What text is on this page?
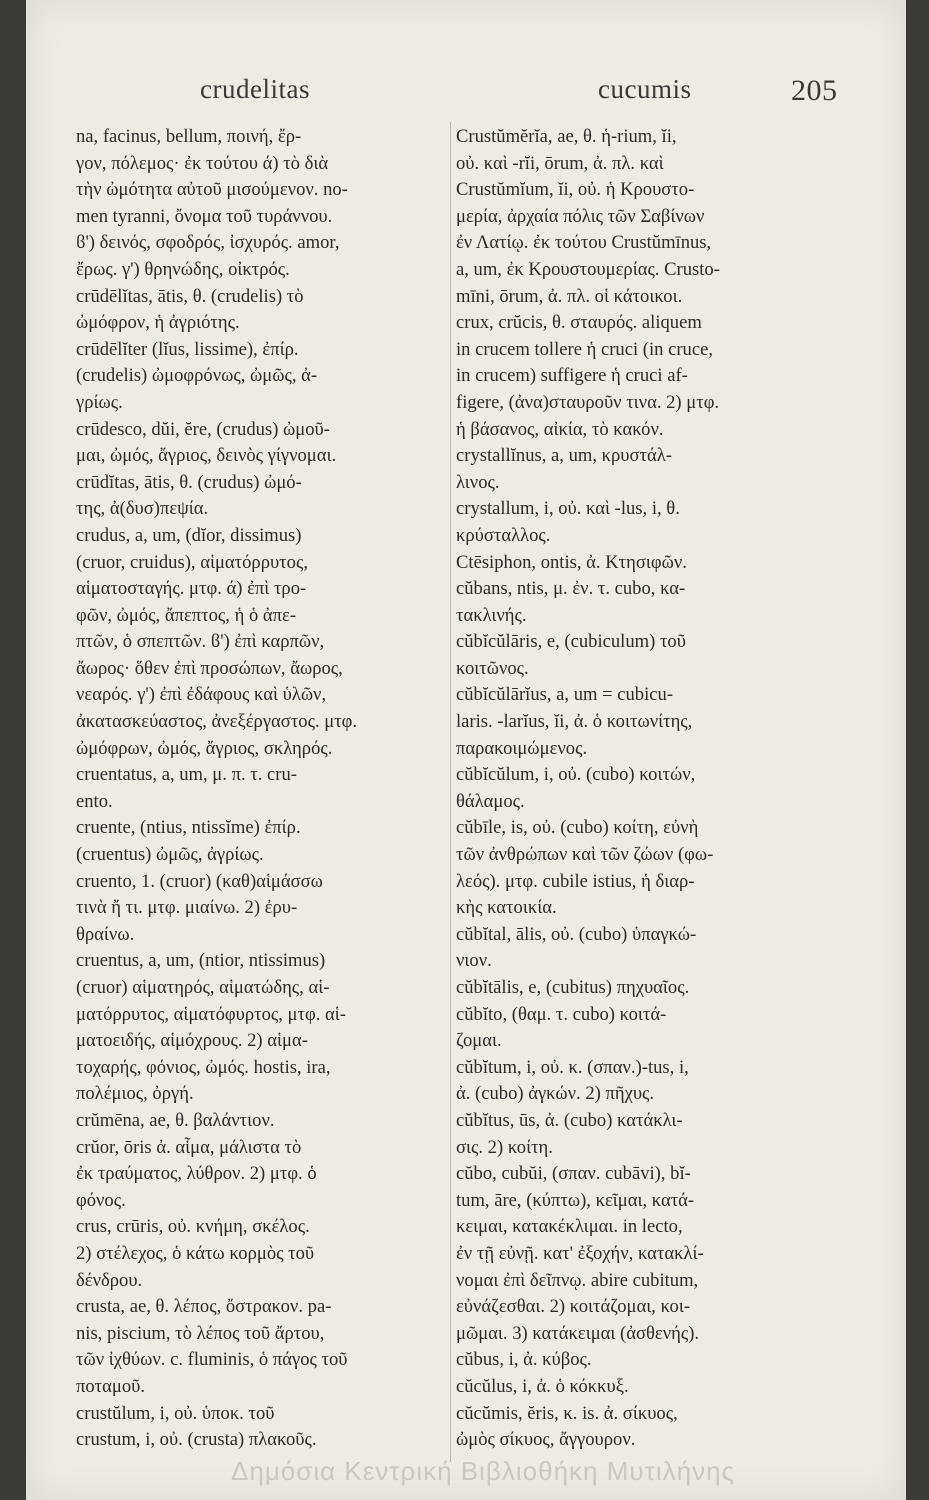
crudelitas	cucumis	205
na, facinus, bellum, ποινή, ἔρ-
γον, πόλεμος· ἐκ τούτου ά) τὸ διὰ
τὴν ὠμότητα αὐτοῦ μισούμενον. no-
men tyranni, ὄνομα τοῦ τυράννου.
ϐ') δεινός, σφοδρός, ἰσχυρός. amor,
ἔρως. γ') θρηνώδης, οἰκτρός.
crūdēlĭtas, ātis, θ. (crudelis) τὸ
ὠμόφρον, ἡ ἀγριότης.
crūdēlĭter (lĭus, lissime), ἐπίρ.
(crudelis) ὠμοφρόνως, ὠμῶς, ἀ-
γρίως.
crūdesco, dŭi, ĕre, (crudus) ὠμοῦ-
μαι, ὠμός, ἄγριος, δεινὸς γίγνομαι.
crūdĭtas, ātis, θ. (crudus) ὠμό-
της, ἀ(δυσ)πεψία.
crudus, a, um, (dĭor, dissimus)
(cruor, cruidus), αἱματόρρυτος,
αἱματοσταγής. μτφ. ά) ἐπὶ τρο-
φῶν, ὠμός, ἄπεπτος, ἡ ὁ ἀπε-
πτῶν, ὁ σπεπτῶν. ϐ') ἐπὶ καρπῶν,
ἄωρος· ὅθεν ἐπὶ προσώπων, ἄωρος,
νεαρός. γ') ἐπὶ ἐδάφους καὶ ὑλῶν,
ἀκατασκεύαστος, ἀνεξέργαστος. μτφ.
ὠμόφρων, ὠμός, ἄγριος, σκληρός.
cruentatus, a, um, μ. π. τ. cru-
ento.
cruente, (ntius, ntissĭme) ἐπίρ.
(cruentus) ὠμῶς, ἀγρίως.
cruento, 1. (cruor) (καθ)αἱμάσσω
τινὰ ἤ τι. μτφ. μιαίνω. 2) ἐρυ-
θραίνω.
cruentus, a, um, (ntior, ntissimus)
(cruor) αἱματηρός, αἱματώδης, αἱ-
ματόρρυτος, αἱματόφυρτος, μτφ. αἱ-
ματοειδής, αἱμόχρους. 2) αἱμα-
τοχαρής, φόνιος, ὠμός. hostis, ira,
πολέμιος, ὀργή.
crŭmēna, ae, θ. βαλάντιον.
crŭor, ōris ἀ. αἷμα, μάλιστα τὸ
ἐκ τραύματος, λύθρον. 2) μτφ. ὁ
φόνος.
crus, crūris, οὐ. κνήμη, σκέλος.
2) στέλεχος, ὁ κάτω κορμὸς τοῦ
δένδρου.
crusta, ae, θ. λέπος, ὄστρακον. pa-
nis, piscium, τὸ λέπος τοῦ ἄρτου,
τῶν ἰχθύων. c. fluminis, ὁ πάγος τοῦ
ποταμοῦ.
crustŭlum, i, οὐ. ὑποκ. τοῦ
crustum, i, οὐ. (crusta) πλακοῦς.
Crustŭmĕrĭa, ae, θ. ἡ-rium, ĭi,
οὐ. καὶ -rĭi, ōrum, ἀ. πλ. καὶ
Crustŭmĭum, ĭi, οὐ. ἡ Κρουστο-
μερία, ἀρχαία πόλις τῶν Σαβίνων
ἐν Λατίῳ. ἐκ τούτου Crustŭmīnus,
a, um, ἐκ Κρουστουμερίας. Crusto-
mīni, ōrum, ἀ. πλ. οἱ κάτοικοι.
crux, crŭcis, θ. σταυρός. aliquem
in crucem tollere ἡ cruci (in cruce,
in crucem) suffigere ἡ cruci af-
figere, (ἀνα)σταυροῦν τινα. 2) μτφ.
ἡ βάσανος, αἰκία, τὸ κακόν.
crystallĭnus, a, um, κρυστάλ-
λινος.
crystallum, i, οὐ. καὶ -lus, i, θ.
κρύσταλλος.
Ctēsiphon, ontis, ἀ. Κτησιφῶν.
cŭbans, ntis, μ. ἐν. τ. cubo, κα-
τακλινής.
cŭbĭcŭlāris, e, (cubiculum) τοῦ
κοιτῶνος.
cŭbĭcŭlārĭus, a, um = cubicu-
laris. -larĭus, ĭi, ἀ. ὁ κοιτωνίτης,
παρακοιμώμενος.
cŭbĭcŭlum, i, οὐ. (cubo) κοιτών,
θάλαμος.
cŭbīle, is, οὐ. (cubo) κοίτη, εὐνὴ
τῶν ἀνθρώπων καὶ τῶν ζώων (φω-
λεός). μτφ. cubile istius, ἡ διαρ-
κὴς κατοικία.
cŭbĭtal, ālis, οὐ. (cubo) ὑπαγκώ-
νιον.
cŭbĭtālis, e, (cubitus) πηχυαῖος.
cŭbĭto, (θαμ. τ. cubo) κοιτά-
ζομαι.
cŭbĭtum, i, οὐ. κ. (σπαν.)-tus, i,
ἀ. (cubo) ἀγκών. 2) πῆχυς.
cŭbĭtus, ūs, ἀ. (cubo) κατάκλι-
σις. 2) κοίτη.
cŭbo, cubŭi, (σπαν. cubāvi), bĭ-
tum, āre, (κύπτω), κεῖμαι, κατά-
κειμαι, κατακέκλιμαι. in lecto,
ἐν τῇ εὐνῇ. κατ' ἐξοχήν, κατακλί-
νομαι ἐπὶ δεῖπνῳ. abire cubitum,
εὐνάζεσθαι. 2) κοιτάζομαι, κοι-
μῶμαι. 3) κατάκειμαι (ἀσθενής).
cŭbus, i, ἀ. κύβος.
cŭcŭlus, i, ἀ. ὁ κόκκυξ.
cŭcŭmis, ĕris, κ. is. ἀ. σίκυος,
ὠμὸς σίκυος, ἄγγουρον.
Δημόσια Κεντρική Βιβλιοθήκη Μυτιλήνης
